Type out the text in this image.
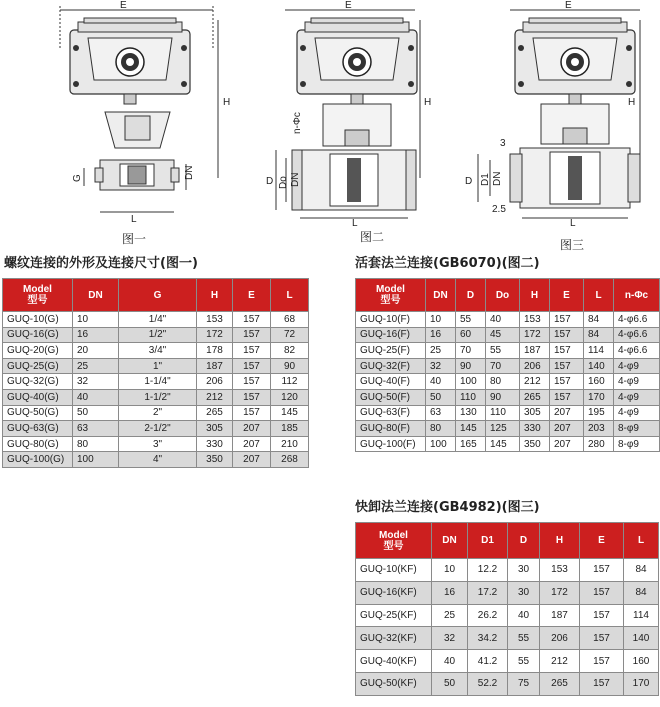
E
H
G	DN
L
图一
E
H
n-Φc
D Do DN
L
图二
E
H
3
D D1 DN
2.5
L
图三
螺纹连接的外形及连接尺寸(图一)	活套法兰连接(GB6070)(图二)
快卸法兰连接(GB4982)(图三)
Model
型号	DN	G	H	E	L
GUQ-10(G)	10	1/4"	153	157	68
GUQ-16(G)	16	1/2"	172	157	72
GUQ-20(G)	20	3/4"	178	157	82
GUQ-25(G)	25	1"	187	157	90
GUQ-32(G)	32	1-1/4"	206	157	112
GUQ-40(G)	40	1-1/2"	212	157	120
GUQ-50(G)	50	2"	265	157	145
GUQ-63(G)	63	2-1/2"	305	207	185
GUQ-80(G)	80	3"	330	207	210
GUQ-100(G)	100	4"	350	207	268
Model
型号	DN	D	Do	H	E	L	n-Φc
GUQ-10(F)	10	55	40	153	157	84	4-φ6.6
GUQ-16(F)	16	60	45	172	157	84	4-φ6.6
GUQ-25(F)	25	70	55	187	157	114	4-φ6.6
GUQ-32(F)	32	90	70	206	157	140	4-φ9
GUQ-40(F)	40	100	80	212	157	160	4-φ9
GUQ-50(F)	50	110	90	265	157	170	4-φ9
GUQ-63(F)	63	130	110	305	207	195	4-φ9
GUQ-80(F)	80	145	125	330	207	203	8-φ9
GUQ-100(F)	100	165	145	350	207	280	8-φ9
Model
型号	DN	D1	D	H	E	L
GUQ-10(KF)	10	12.2	30	153	157	84
GUQ-16(KF)	16	17.2	30	172	157	84
GUQ-25(KF)	25	26.2	40	187	157	114
GUQ-32(KF)	32	34.2	55	206	157	140
GUQ-40(KF)	40	41.2	55	212	157	160
GUQ-50(KF)	50	52.2	75	265	157	170
